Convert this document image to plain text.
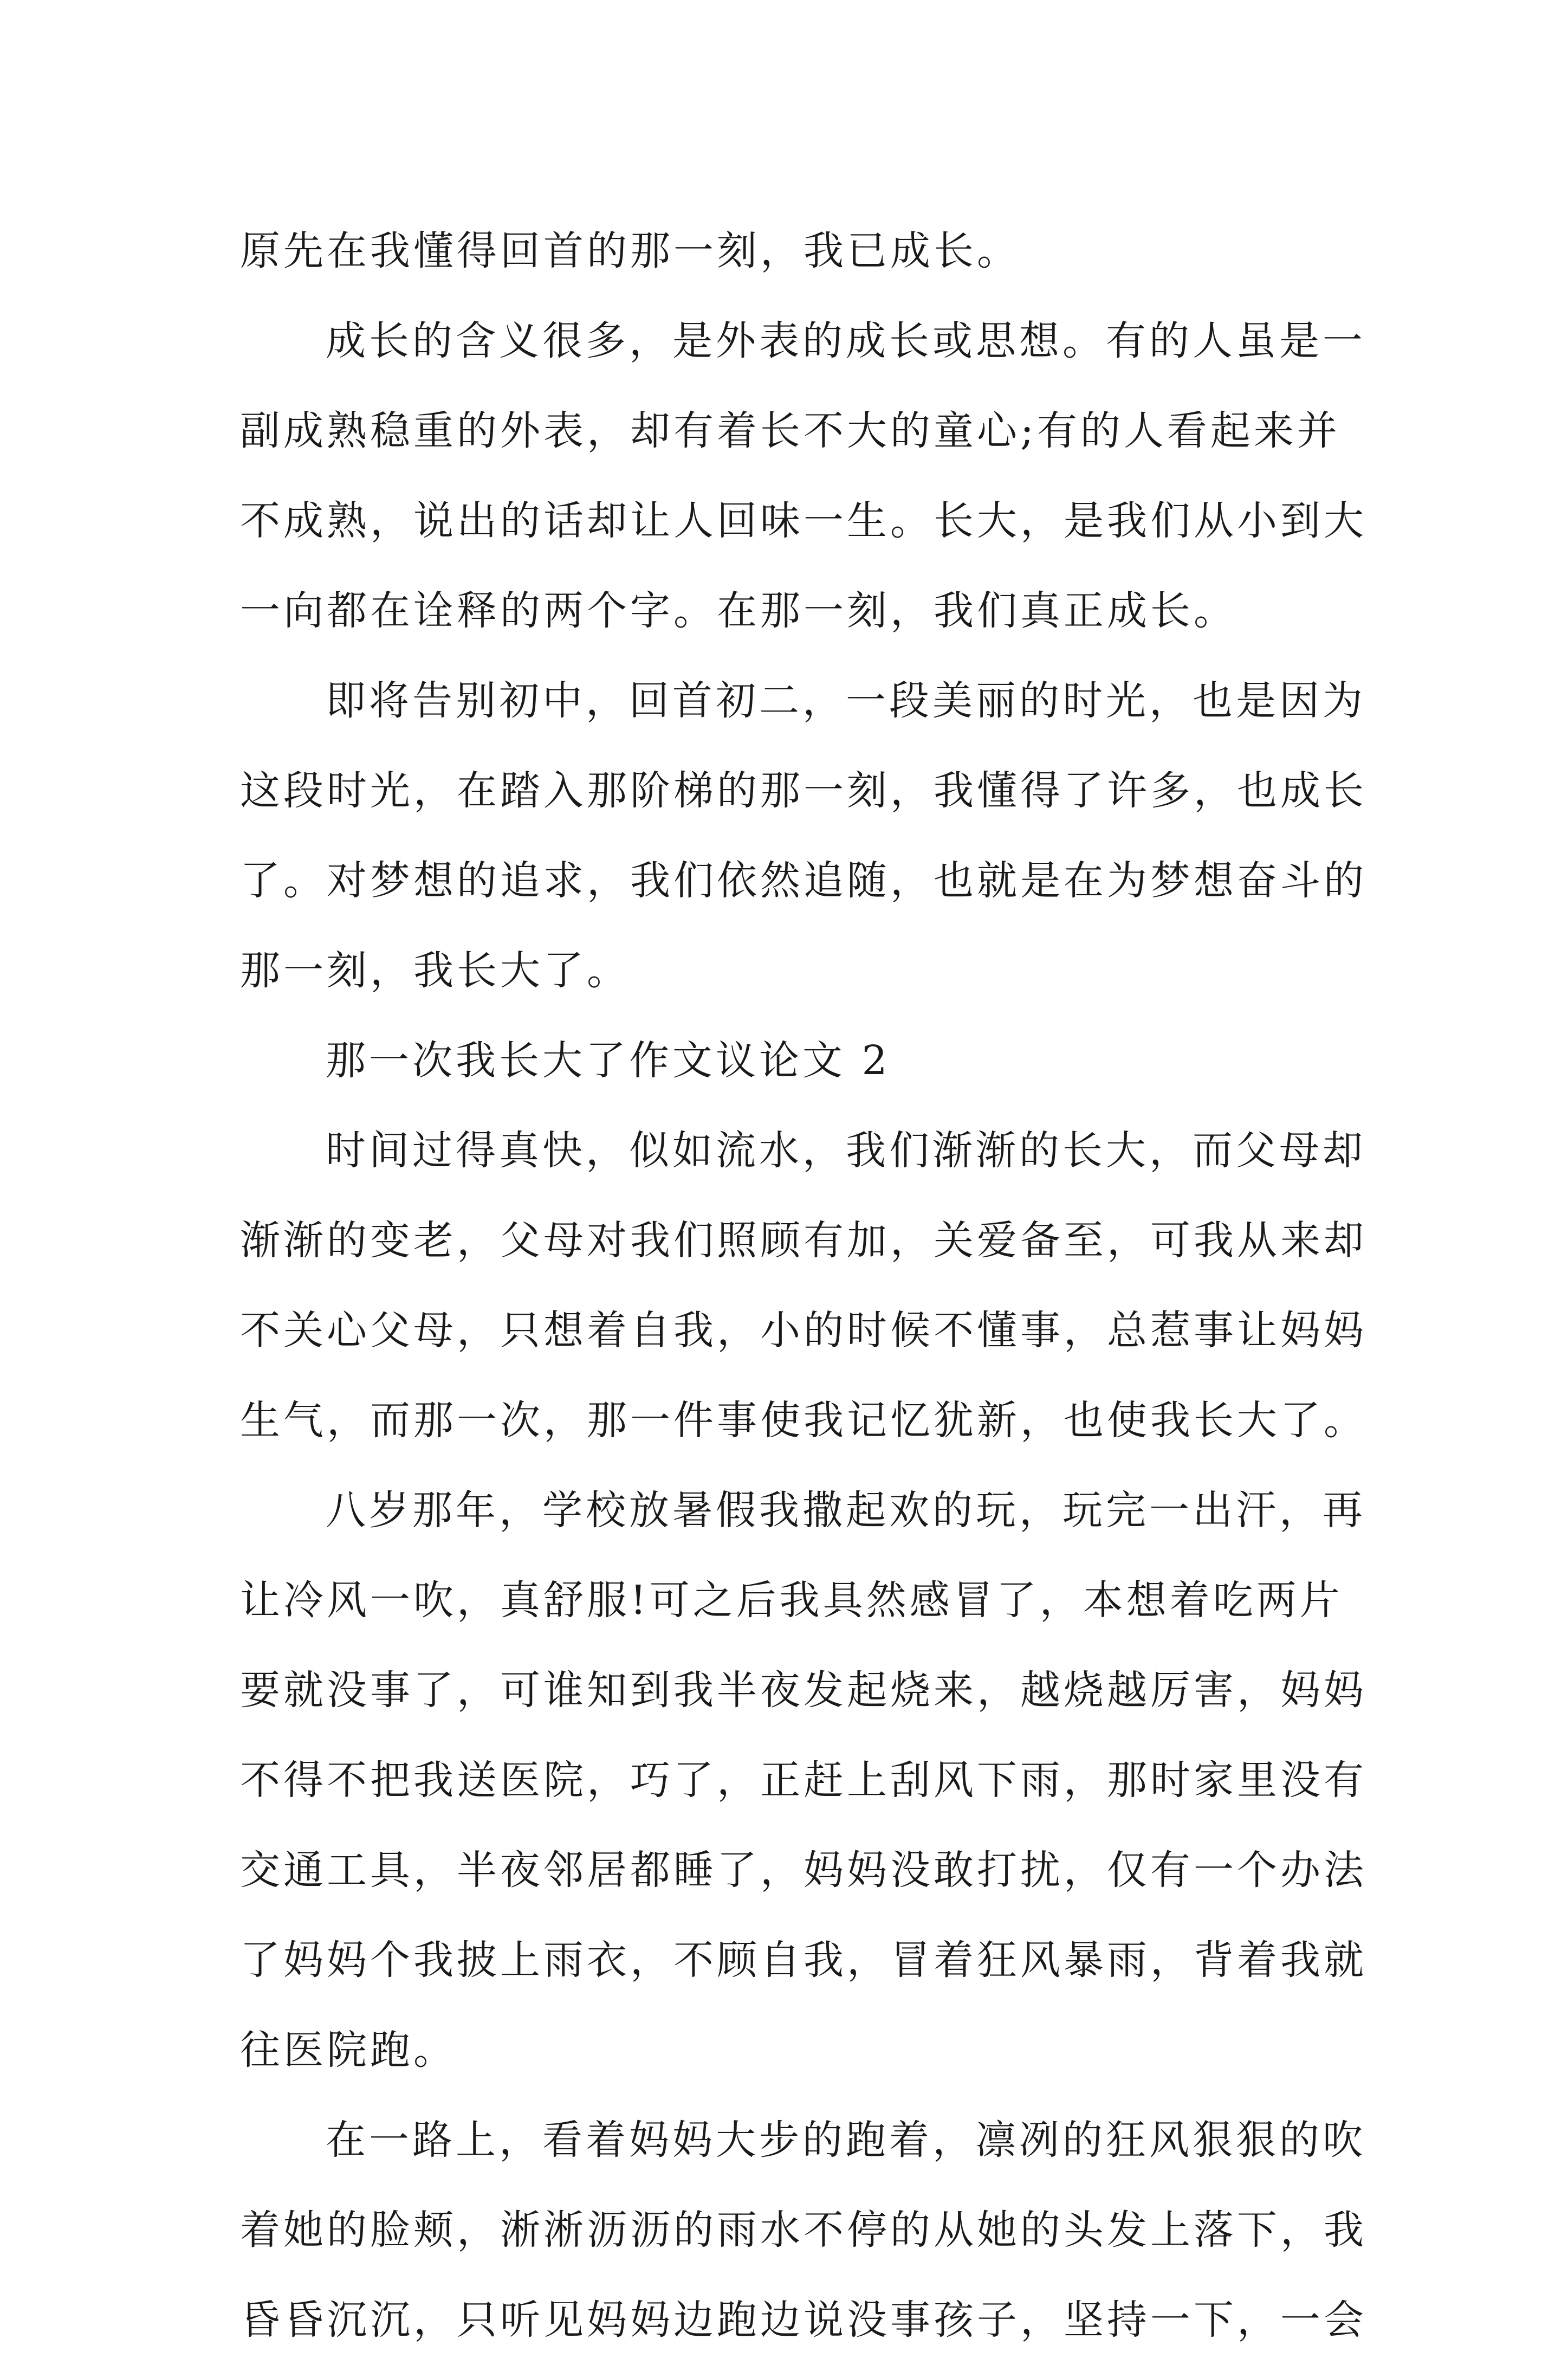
原先在我懂得回首的那一刻，我已成长。
成长的含义很多，是外表的成长或思想。有的人虽是一
副成熟稳重的外表，却有着长不大的童心;有的人看起来并
不成熟，说出的话却让人回味一生。长大，是我们从小到大
一向都在诠释的两个字。在那一刻，我们真正成长。
即将告别初中，回首初二，一段美丽的时光，也是因为
这段时光，在踏入那阶梯的那一刻，我懂得了许多，也成长
了。对梦想的追求，我们依然追随，也就是在为梦想奋斗的
那一刻，我长大了。
那一次我长大了作文议论文 2
时间过得真快，似如流水，我们渐渐的长大，而父母却
渐渐的变老，父母对我们照顾有加，关爱备至，可我从来却
不关心父母，只想着自我，小的时候不懂事，总惹事让妈妈
生气，而那一次，那一件事使我记忆犹新，也使我长大了。
八岁那年，学校放暑假我撒起欢的玩，玩完一出汗，再
让冷风一吹，真舒服!可之后我具然感冒了，本想着吃两片
要就没事了，可谁知到我半夜发起烧来，越烧越厉害，妈妈
不得不把我送医院，巧了，正赶上刮风下雨，那时家里没有
交通工具，半夜邻居都睡了，妈妈没敢打扰，仅有一个办法
了妈妈个我披上雨衣，不顾自我，冒着狂风暴雨，背着我就
往医院跑。
在一路上，看着妈妈大步的跑着，凛冽的狂风狠狠的吹
着她的脸颊，淅淅沥沥的雨水不停的从她的头发上落下，我
昏昏沉沉，只听见妈妈边跑边说没事孩子，坚持一下，一会
